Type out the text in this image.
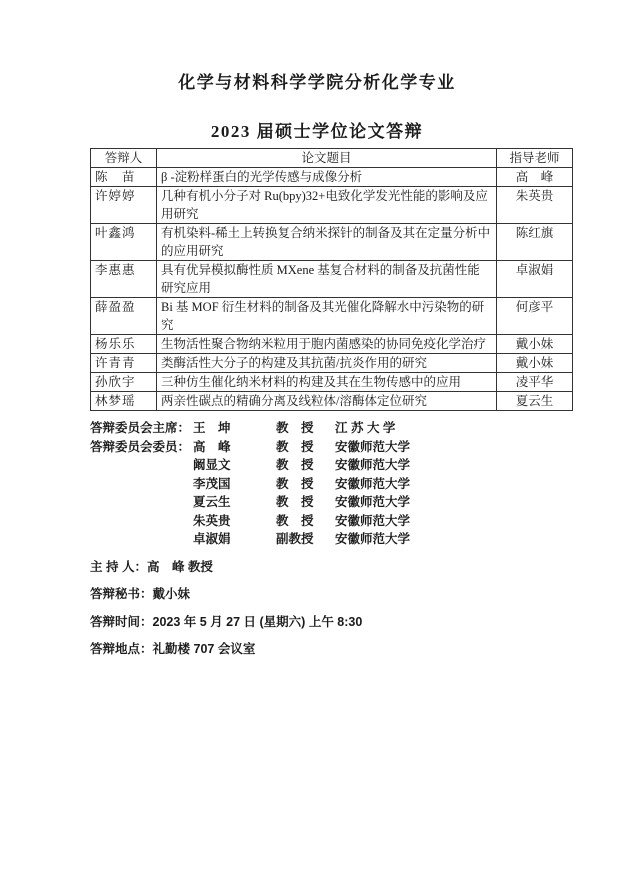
化学与材料科学学院分析化学专业
2023 届硕士学位论文答辩
答辩人	论文题目	指导老师
陈　苗	β -淀粉样蛋白的光学传感与成像分析	高　峰
许婷婷	几种有机小分子对 Ru(bpy)32+电致化学发光性能的影响及应用研究	朱英贵
叶鑫鸿	有机染料-稀土上转换复合纳米探针的制备及其在定量分析中的应用研究	陈红旗
李惠惠	具有优异模拟酶性质 MXene 基复合材料的制备及抗菌性能研究应用	卓淑娟
薛盈盈	Bi 基 MOF 衍生材料的制备及其光催化降解水中污染物的研究	何彦平
杨乐乐	生物活性聚合物纳米粒用于胞内菌感染的协同免疫化学治疗	戴小妹
许青青	类酶活性大分子的构建及其抗菌/抗炎作用的研究	戴小妹
孙欣宇	三种仿生催化纳米材料的构建及其在生物传感中的应用	凌平华
林梦瑶	两亲性碳点的精确分离及线粒体/溶酶体定位研究	夏云生
答辩委员会主席： 王　坤	教　授	江 苏 大 学
答辩委员会委员： 高　峰	教　授	安徽师范大学
阚显文	教　授	安徽师范大学
李茂国	教　授	安徽师范大学
夏云生	教　授	安徽师范大学
朱英贵	教　授	安徽师范大学
卓淑娟	副教授	安徽师范大学

主 持 人：高　峰 教授

答辩秘书：戴小妹

答辩时间：2023 年 5 月 27 日 (星期六) 上午 8:30

答辩地点：礼勤楼 707 会议室
